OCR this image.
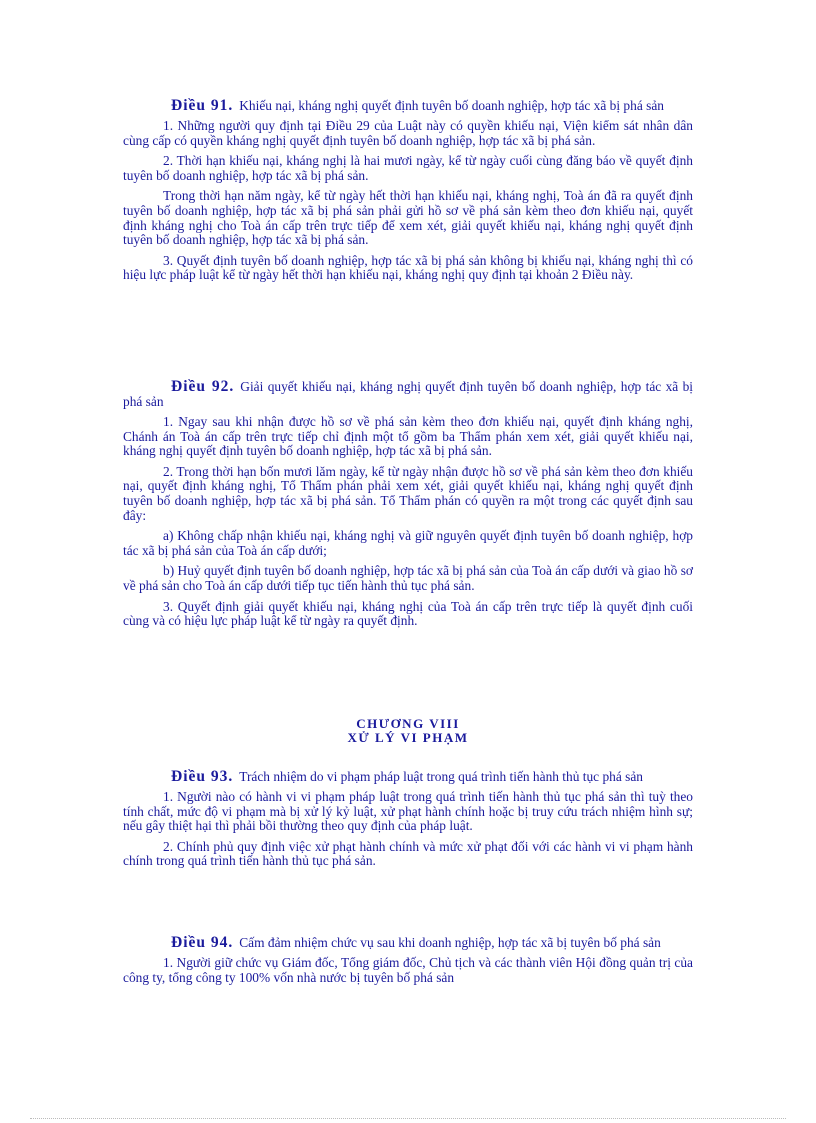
Điều 91. Khiếu nại, kháng nghị quyết định tuyên bố doanh nghiệp, hợp tác xã bị phá sản

1. Những người quy định tại Điều 29 của Luật này có quyền khiếu nại, Viện kiểm sát nhân dân cùng cấp có quyền kháng nghị quyết định tuyên bố doanh nghiệp, hợp tác xã bị phá sản.

2. Thời hạn khiếu nại, kháng nghị là hai mươi ngày, kể từ ngày cuối cùng đăng báo về quyết định tuyên bố doanh nghiệp, hợp tác xã bị phá sản.

Trong thời hạn năm ngày, kể từ ngày hết thời hạn khiếu nại, kháng nghị, Toà án đã ra quyết định tuyên bố doanh nghiệp, hợp tác xã bị phá sản phải gửi hồ sơ về phá sản kèm theo đơn khiếu nại, quyết định kháng nghị cho Toà án cấp trên trực tiếp để xem xét, giải quyết khiếu nại, kháng nghị quyết định tuyên bố doanh nghiệp, hợp tác xã bị phá sản.

3. Quyết định tuyên bố doanh nghiệp, hợp tác xã bị phá sản không bị khiếu nại, kháng nghị thì có hiệu lực pháp luật kể từ ngày hết thời hạn khiếu nại, kháng nghị quy định tại khoản 2 Điều này.

Điều 92. Giải quyết khiếu nại, kháng nghị quyết định tuyên bố doanh nghiệp, hợp tác xã bị phá sản

1. Ngay sau khi nhận được hồ sơ về phá sản kèm theo đơn khiếu nại, quyết định kháng nghị, Chánh án Toà án cấp trên trực tiếp chỉ định một tổ gồm ba Thẩm phán xem xét, giải quyết khiếu nại, kháng nghị quyết định tuyên bố doanh nghiệp, hợp tác xã bị phá sản.

2. Trong thời hạn bốn mươi lăm ngày, kể từ ngày nhận được hồ sơ về phá sản kèm theo đơn khiếu nại, quyết định kháng nghị, Tổ Thẩm phán phải xem xét, giải quyết khiếu nại, kháng nghị quyết định tuyên bố doanh nghiệp, hợp tác xã bị phá sản. Tổ Thẩm phán có quyền ra một trong các quyết định sau đây:

a) Không chấp nhận khiếu nại, kháng nghị và giữ nguyên quyết định tuyên bố doanh nghiệp, hợp tác xã bị phá sản của Toà án cấp dưới;

b) Huỷ quyết định tuyên bố doanh nghiệp, hợp tác xã bị phá sản của Toà án cấp dưới và giao hồ sơ về phá sản cho Toà án cấp dưới tiếp tục tiến hành thủ tục phá sản.

3. Quyết định giải quyết khiếu nại, kháng nghị của Toà án cấp trên trực tiếp là quyết định cuối cùng và có hiệu lực pháp luật kể từ ngày ra quyết định.

CHƯƠNG VIII
XỬ LÝ VI PHẠM

Điều 93. Trách nhiệm do vi phạm pháp luật trong quá trình tiến hành thủ tục phá sản

1. Người nào có hành vi vi phạm pháp luật trong quá trình tiến hành thủ tục phá sản thì tuỳ theo tính chất, mức độ vi phạm mà bị xử lý kỷ luật, xử phạt hành chính hoặc bị truy cứu trách nhiệm hình sự; nếu gây thiệt hại thì phải bồi thường theo quy định của pháp luật.

2. Chính phủ quy định việc xử phạt hành chính và mức xử phạt đối với các hành vi vi phạm hành chính trong quá trình tiến hành thủ tục phá sản.

Điều 94. Cấm đảm nhiệm chức vụ sau khi doanh nghiệp, hợp tác xã bị tuyên bố phá sản

1. Người giữ chức vụ Giám đốc, Tổng giám đốc, Chủ tịch và các thành viên Hội đồng quản trị của công ty, tổng công ty 100% vốn nhà nước bị tuyên bố phá sản
